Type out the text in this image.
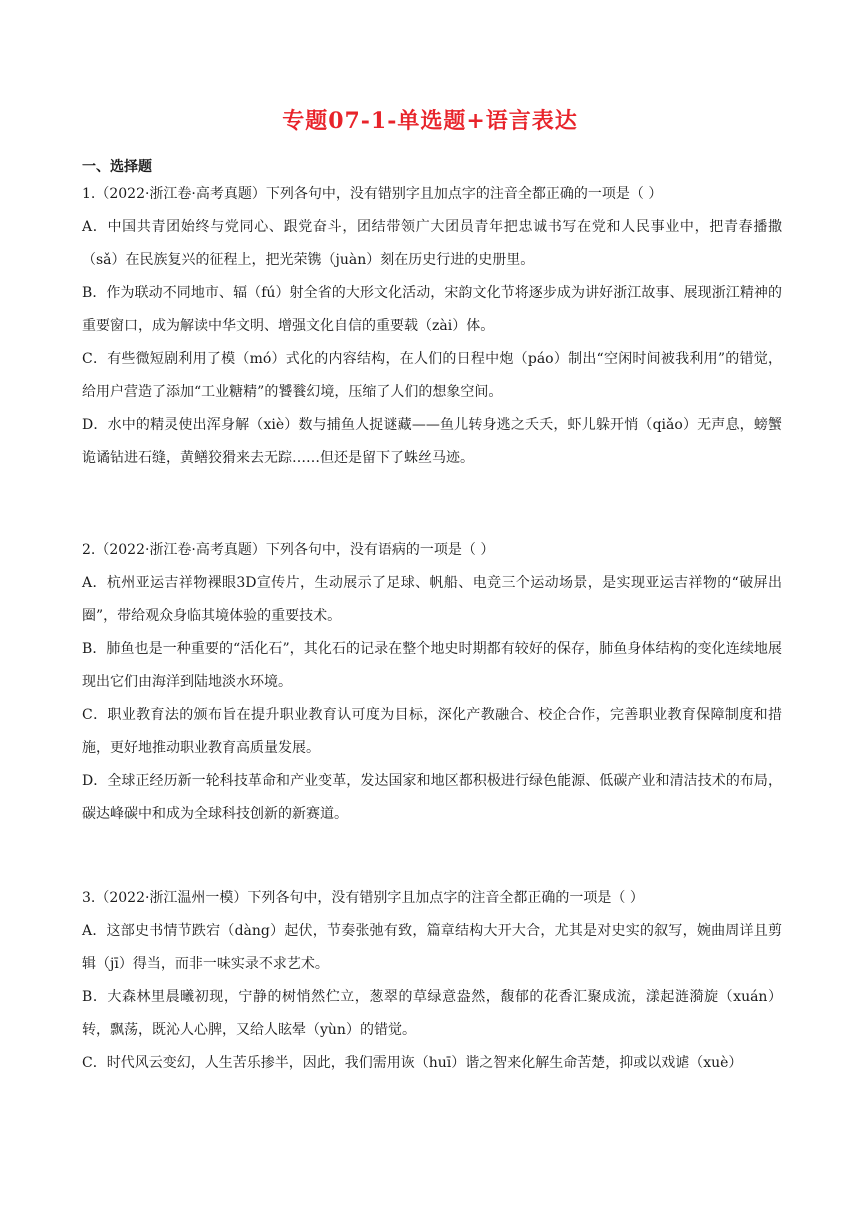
专题07-1-单选题+语言表达
一、选择题

1.（2022·浙江卷·高考真题）下列各句中，没有错别字且加点字的注音全都正确的一项是（ ）

A．中国共青团始终与党同心、跟党奋斗，团结带领广大团员青年把忠诚书写在党和人民事业中，把青春播撒（sǎ）在民族复兴的征程上，把光荣镌（juàn）刻在历史行进的史册里。

B．作为联动不同地市、辐（fú）射全省的大形文化活动，宋韵文化节将逐步成为讲好浙江故事、展现浙江精神的重要窗口，成为解读中华文明、增强文化自信的重要载（zài）体。

C．有些微短剧利用了模（mó）式化的内容结构，在人们的日程中炮（páo）制出“空闲时间被我利用”的错觉，给用户营造了添加“工业糖精”的饕餮幻境，压缩了人们的想象空间。

D．水中的精灵使出浑身解（xiè）数与捕鱼人捉谜藏——鱼儿转身逃之夭夭，虾儿躲开悄（qiǎo）无声息，螃蟹诡谲钻进石缝，黄鳝狡猾来去无踪……但还是留下了蛛丝马迹。

2.（2022·浙江卷·高考真题）下列各句中，没有语病的一项是（ ）

A．杭州亚运吉祥物裸眼3D宣传片，生动展示了足球、帆船、电竞三个运动场景，是实现亚运吉祥物的“破屏出圈”，带给观众身临其境体验的重要技术。

B．肺鱼也是一种重要的“活化石”，其化石的记录在整个地史时期都有较好的保存，肺鱼身体结构的变化连续地展现出它们由海洋到陆地淡水环境。

C．职业教育法的颁布旨在提升职业教育认可度为目标，深化产教融合、校企合作，完善职业教育保障制度和措施，更好地推动职业教育高质量发展。

D．全球正经历新一轮科技革命和产业变革，发达国家和地区都积极进行绿色能源、低碳产业和清洁技术的布局，碳达峰碳中和成为全球科技创新的新赛道。

3.（2022·浙江温州一模）下列各句中，没有错别字且加点字的注音全都正确的一项是（ ）

A．这部史书情节跌宕（dàng）起伏，节奏张弛有致，篇章结构大开大合，尤其是对史实的叙写，婉曲周详且剪辑（jī）得当，而非一味实录不求艺术。

B．大森林里晨曦初现，宁静的树悄然伫立，葱翠的草绿意盎然，馥郁的花香汇聚成流，漾起涟漪旋（xuán）转，飘荡，既沁人心脾，又给人眩晕（yùn）的错觉。

C．时代风云变幻，人生苦乐掺半，因此，我们需用诙（huī）谐之智来化解生命苦楚，抑或以戏谑（xuè）
